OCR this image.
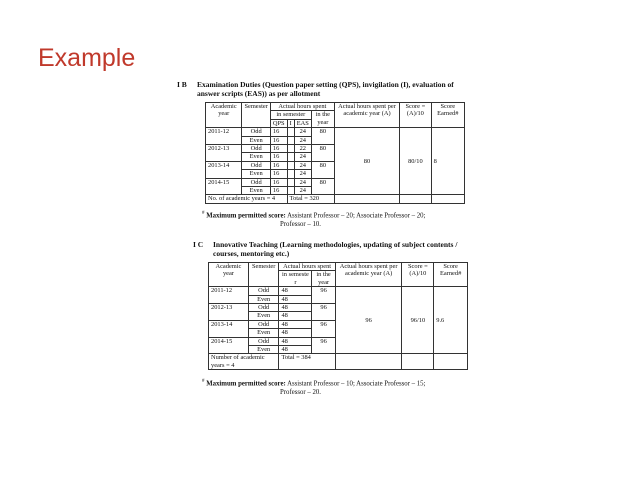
Example
I B Examination Duties (Question paper setting (QPS), invigilation (I), evaluation of
answer scripts (EAS)) as per allotment
Academic year	Semester	Actual hours spent				Actual hours spent per academic year (A)	Score = (A)/10	Score Earned#
		in semester			in the year			
		QPS	I	EAS				
2011-12	Odd	16		24	80	80	80/10	8
	Even	16		24				
2012-13	Odd	16		22	80			
	Even	16		24				
2013-14	Odd	16		24	80			
	Even	16		24				
2014-15	Odd	16		24	80			
	Even	16		24				
No. of academic years = 4			Total = 320					
# Maximum permitted score: Assistant Professor – 20; Associate Professor – 20;
Professor – 10.
I C Innovative Teaching (Learning methodologies, updating of subject contents /
courses, mentoring etc.)
Academic year	Semester	Actual hours spent		Actual hours spent per academic year (A)	Score = (A)/10	Score Earned#
		in semeste r	in the year			
2011-12	Odd	48	96	96	96/10	9.6
	Even	48				
2012-13	Odd	48	96			
	Even	48				
2013-14	Odd	48	96			
	Even	48				
2014-15	Odd	48	96			
	Even	48				
Number of academic years = 4		Total = 384				
# Maximum permitted score: Assistant Professor – 10; Associate Professor – 15;
Professor – 20.
